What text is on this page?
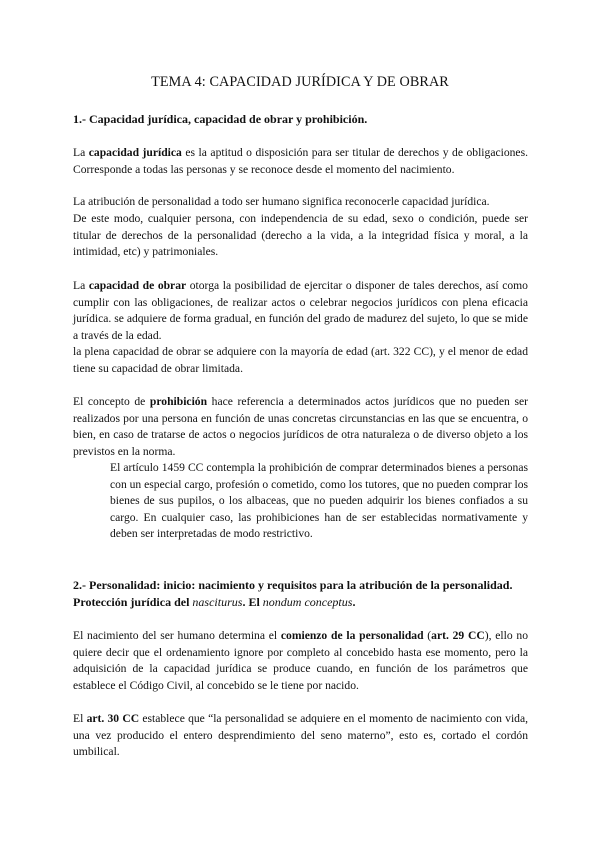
TEMA 4: CAPACIDAD JURÍDICA Y DE OBRAR
1.- Capacidad jurídica, capacidad de obrar y prohibición.
La capacidad jurídica es la aptitud o disposición para ser titular de derechos y de obligaciones. Corresponde a todas las personas y se reconoce desde el momento del nacimiento.
La atribución de personalidad a todo ser humano significa reconocerle capacidad jurídica.
De este modo, cualquier persona, con independencia de su edad, sexo o condición, puede ser titular de derechos de la personalidad (derecho a la vida, a la integridad física y moral, a la intimidad, etc) y patrimoniales.
La capacidad de obrar otorga la posibilidad de ejercitar o disponer de tales derechos, así como cumplir con las obligaciones, de realizar actos o celebrar negocios jurídicos con plena eficacia jurídica. se adquiere de forma gradual, en función del grado de madurez del sujeto, lo que se mide a través de la edad.
la plena capacidad de obrar se adquiere con la mayoría de edad (art. 322 CC), y el menor de edad tiene su capacidad de obrar limitada.
El concepto de prohibición hace referencia a determinados actos jurídicos que no pueden ser realizados por una persona en función de unas concretas circunstancias en las que se encuentra, o bien, en caso de tratarse de actos o negocios jurídicos de otra naturaleza o de diverso objeto a los previstos en la norma.
El artículo 1459 CC contempla la prohibición de comprar determinados bienes a personas con un especial cargo, profesión o cometido, como los tutores, que no pueden comprar los bienes de sus pupilos, o los albaceas, que no pueden adquirir los bienes confiados a su cargo. En cualquier caso, las prohibiciones han de ser establecidas normativamente y deben ser interpretadas de modo restrictivo.
2.- Personalidad: inicio: nacimiento y requisitos para la atribución de la personalidad.
Protección jurídica del nasciturus. El nondum conceptus.
El nacimiento del ser humano determina el comienzo de la personalidad (art. 29 CC), ello no quiere decir que el ordenamiento ignore por completo al concebido hasta ese momento, pero la adquisición de la capacidad jurídica se produce cuando, en función de los parámetros que establece el Código Civil, al concebido se le tiene por nacido.
El art. 30 CC establece que “la personalidad se adquiere en el momento de nacimiento con vida, una vez producido el entero desprendimiento del seno materno”, esto es, cortado el cordón umbilical.
